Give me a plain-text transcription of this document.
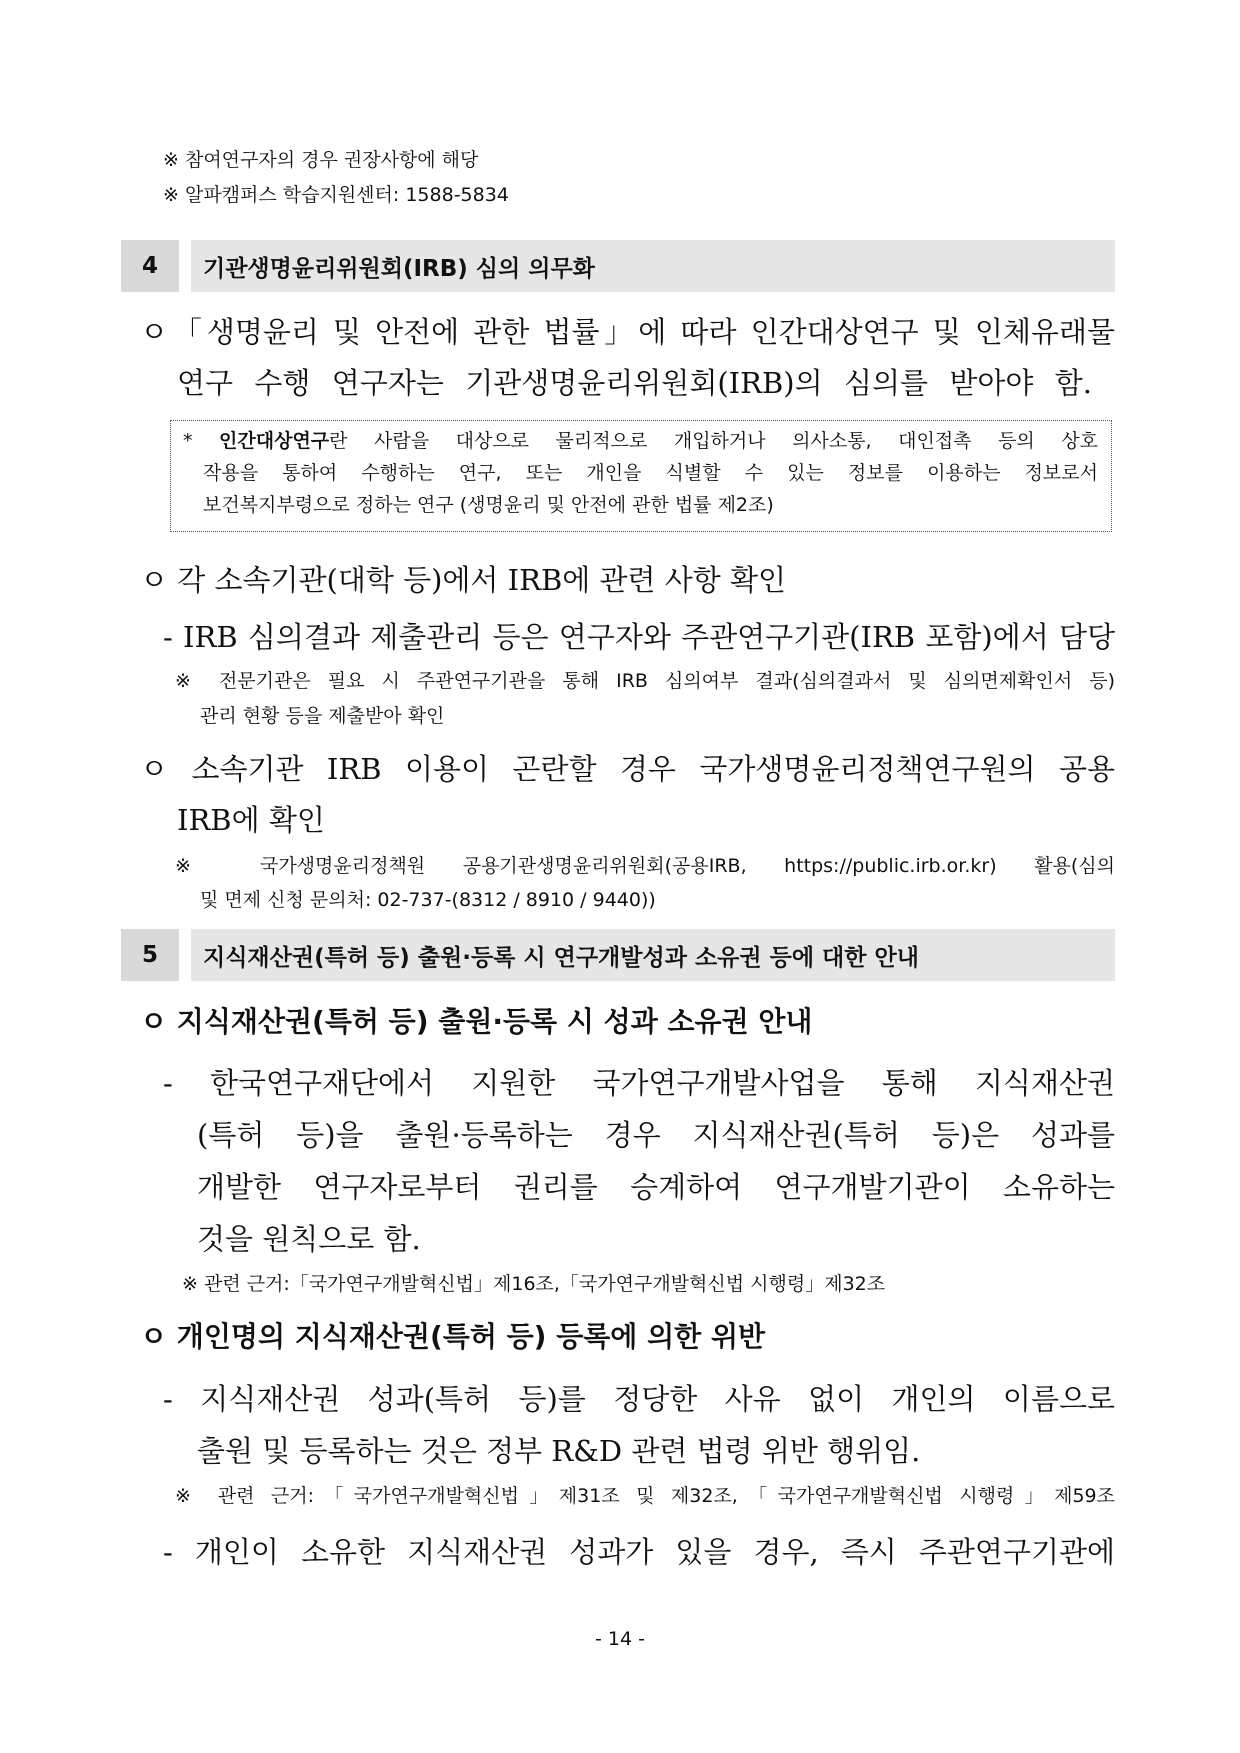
※ 참여연구자의 경우 권장사항에 해당

※ 알파캠퍼스 학습지원센터: 1588-5834

4	기관생명윤리위원회(IRB) 심의 의무화

ㅇ「생명윤리 및 안전에 관한 법률」에 따라 인간대상연구 및 인체유래물

연구 수행 연구자는 기관생명윤리위원회(IRB)의 심의를 받아야 함.

* 인간대상연구란 사람을 대상으로 물리적으로 개입하거나 의사소통, 대인접촉 등의 상호
작용을 통하여 수행하는 연구, 또는 개인을 식별할 수 있는 정보를 이용하는 정보로서
보건복지부령으로 정하는 연구 (생명윤리 및 안전에 관한 법률 제2조)

ㅇ 각 소속기관(대학 등)에서 IRB에 관련 사항 확인

- IRB 심의결과 제출관리 등은 연구자와 주관연구기관(IRB 포함)에서 담당

※ 전문기관은 필요 시 주관연구기관을 통해 IRB 심의여부 결과(심의결과서 및 심의면제확인서 등)

관리 현황 등을 제출받아 확인

ㅇ 소속기관 IRB 이용이 곤란할 경우 국가생명윤리정책연구원의 공용

IRB에 확인

※ 국가생명윤리정책원 공용기관생명윤리위원회(공용IRB, https://public.irb.or.kr) 활용(심의

및 면제 신청 문의처: 02-737-(8312 / 8910 / 9440))

5	지식재산권(특허 등) 출원·등록 시 연구개발성과 소유권 등에 대한 안내

ㅇ 지식재산권(특허 등) 출원·등록 시 성과 소유권 안내

- 한국연구재단에서 지원한 국가연구개발사업을 통해 지식재산권

(특허 등)을 출원·등록하는 경우 지식재산권(특허 등)은 성과를

개발한 연구자로부터 권리를 승계하여 연구개발기관이 소유하는

것을 원칙으로 함.

※ 관련 근거:「국가연구개발혁신법」제16조,「국가연구개발혁신법 시행령」제32조

ㅇ 개인명의 지식재산권(특허 등) 등록에 의한 위반

- 지식재산권 성과(특허 등)를 정당한 사유 없이 개인의 이름으로

출원 및 등록하는 것은 정부 R&D 관련 법령 위반 행위임.

※ 관련 근거:「국가연구개발혁신법」제31조 및 제32조,「국가연구개발혁신법 시행령」제59조

- 개인이 소유한 지식재산권 성과가 있을 경우, 즉시 주관연구기관에

- 14 -
